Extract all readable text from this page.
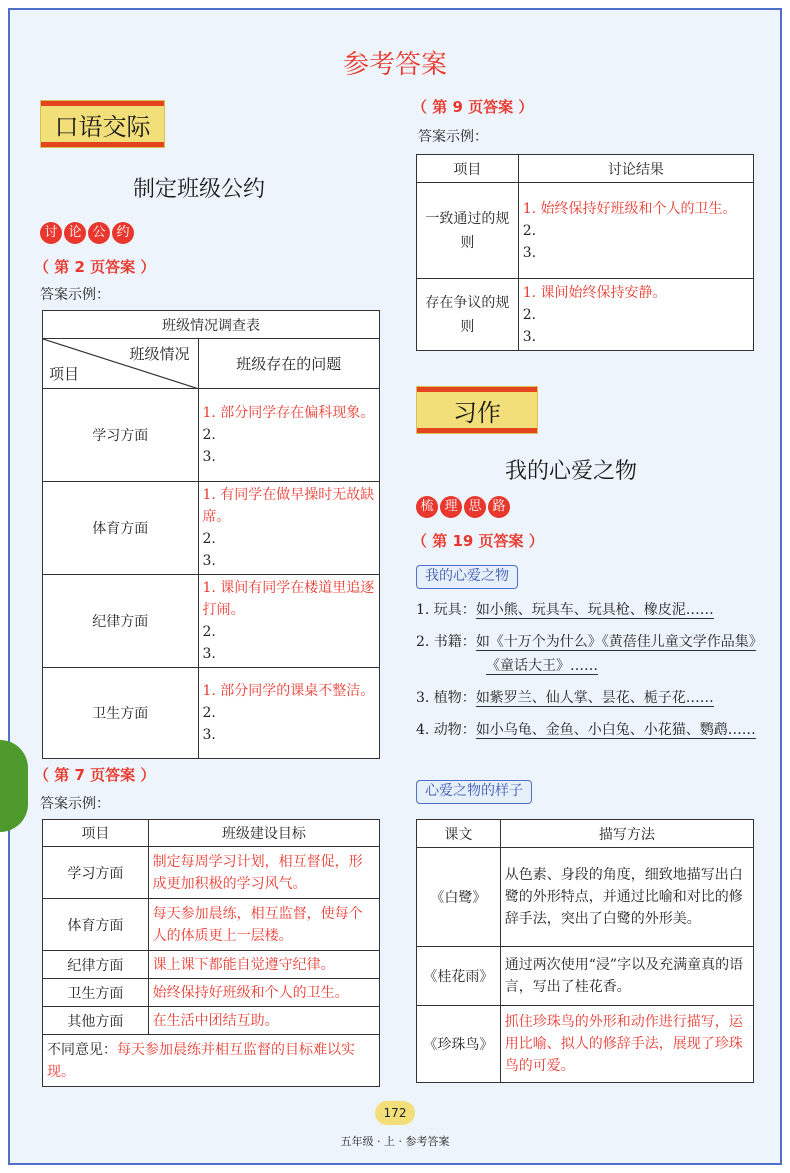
参考答案
口语交际
制定班级公约
讨 论 公 约
（ 第 2 页答案 ）
答案示例：
班级情况调查表	

班级情况
项目	班级存在的问题
学习方面	1. 部分同学存在偏科现象。
2.
3.

体育方面	1. 有同学在做早操时无故缺席。
2.
3.

纪律方面	1. 课间有同学在楼道里追逐打闹。
2.
3.

卫生方面	1. 部分同学的课桌不整洁。
2.
3.
（ 第 7 页答案 ）
答案示例：
项目	班级建设目标
学习方面	制定每周学习计划，相互督促，形成更加积极的学习风气。
体育方面	每天参加晨练，相互监督，使每个人的体质更上一层楼。
纪律方面	课上课下都能自觉遵守纪律。
卫生方面	始终保持好班级和个人的卫生。
其他方面	在生活中团结互助。
不同意见：每天参加晨练并相互监督的目标难以实现。	
（ 第 9 页答案 ）
答案示例：
项目	讨论结果
一致通过的规则	1. 始终保持好班级和个人的卫生。
2.
3.

存在争议的规则	1. 课间始终保持安静。
2.
3.
习作
我的心爱之物
梳 理 思 路
（ 第 19 页答案 ）
我的心爱之物
1. 玩具：如小熊、玩具车、玩具枪、橡皮泥……
2. 书籍：如《十万个为什么》《黄蓓佳儿童文学作品集》《童话大王》……
3. 植物：如紫罗兰、仙人掌、昙花、栀子花……
4. 动物：如小乌龟、金鱼、小白兔、小花猫、鹦鹉……
心爱之物的样子
课文	描写方法
《白鹭》	从色素、身段的角度，细致地描写出白鹭的外形特点，并通过比喻和对比的修辞手法，突出了白鹭的外形美。
《桂花雨》	通过两次使用“浸”字以及充满童真的语言，写出了桂花香。
《珍珠鸟》	抓住珍珠鸟的外形和动作进行描写，运用比喻、拟人的修辞手法，展现了珍珠鸟的可爱。
172
五年级 · 上 · 参考答案
